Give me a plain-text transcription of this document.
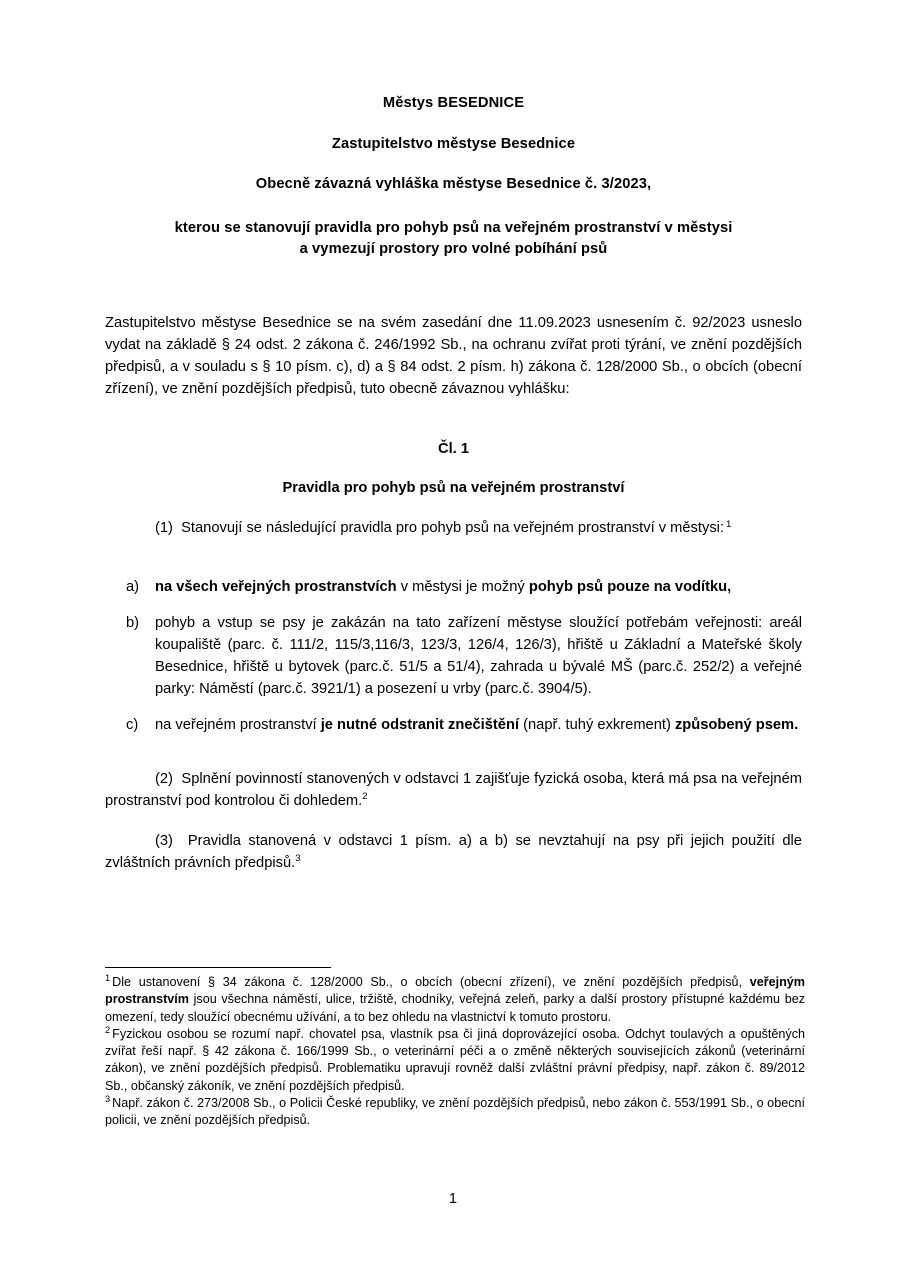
Městys BESEDNICE
Zastupitelstvo městyse Besednice
Obecně závazná vyhláška městyse Besednice č. 3/2023,
kterou se stanovují pravidla pro pohyb psů na veřejném prostranství v městysi
a vymezují prostory pro volné pobíhání psů

Zastupitelstvo městyse Besednice se na svém zasedání dne 11.09.2023 usnesením č. 92/2023 usneslo vydat na základě § 24 odst. 2 zákona č. 246/1992 Sb., na ochranu zvířat proti týrání, ve znění pozdějších předpisů, a v souladu s § 10 písm. c), d) a § 84 odst. 2 písm. h) zákona č. 128/2000 Sb., o obcích (obecní zřízení), ve znění pozdějších předpisů, tuto obecně závaznou vyhlášku:

Čl. 1

Pravidla pro pohyb psů na veřejném prostranství

(1) Stanovují se následující pravidla pro pohyb psů na veřejném prostranství v městysi: $^1$

a) na všech veřejných prostranstvích v městysi je možný pohyb psů pouze na vodítku,
b) pohyb a vstup se psy je zakázán na tato zařízení městyse sloužící potřebám veřejnosti: areál koupaliště (parc. č. 111/2, 115/3,116/3, 123/3, 126/4, 126/3), hřiště u Základní a Mateřské školy Besednice, hřiště u bytovek (parc.č. 51/5 a 51/4), zahrada u bývalé MŠ (parc.č. 252/2) a veřejné parky: Náměstí (parc.č. 3921/1) a posezení u vrby (parc.č. 3904/5).
c) na veřejném prostranství je nutné odstranit znečištění (např. tuhý exkrement) způsobený psem.

(2) Splnění povinností stanovených v odstavci 1 zajišťuje fyzická osoba, která má psa na veřejném prostranství pod kontrolou či dohledem.$^2$

(3) Pravidla stanovená v odstavci 1 písm. a) a b) se nevztahují na psy při jejich použití dle zvláštních právních předpisů.$^3$

$^1$ Dle ustanovení § 34 zákona č. 128/2000 Sb., o obcích (obecní zřízení), ve znění pozdějších předpisů, veřejným prostranstvím jsou všechna náměstí, ulice, tržiště, chodníky, veřejná zeleň, parky a další prostory přístupné každému bez omezení, tedy sloužící obecnému užívání, a to bez ohledu na vlastnictví k tomuto prostoru.

$^2$ Fyzickou osobou se rozumí např. chovatel psa, vlastník psa či jiná doprovázející osoba. Odchyt toulavých a opuštěných zvířat řeší např. § 42 zákona č. 166/1999 Sb., o veterinární péči a o změně některých souvisejících zákonů (veterinární zákon), ve znění pozdějších předpisů. Problematiku upravují rovněž další zvláštní právní předpisy, např. zákon č. 89/2012 Sb., občanský zákoník, ve znění pozdějších předpisů.

$^3$ Např. zákon č. 273/2008 Sb., o Policii České republiky, ve znění pozdějších předpisů, nebo zákon č. 553/1991 Sb., o obecní policii, ve znění pozdějších předpisů.

1
